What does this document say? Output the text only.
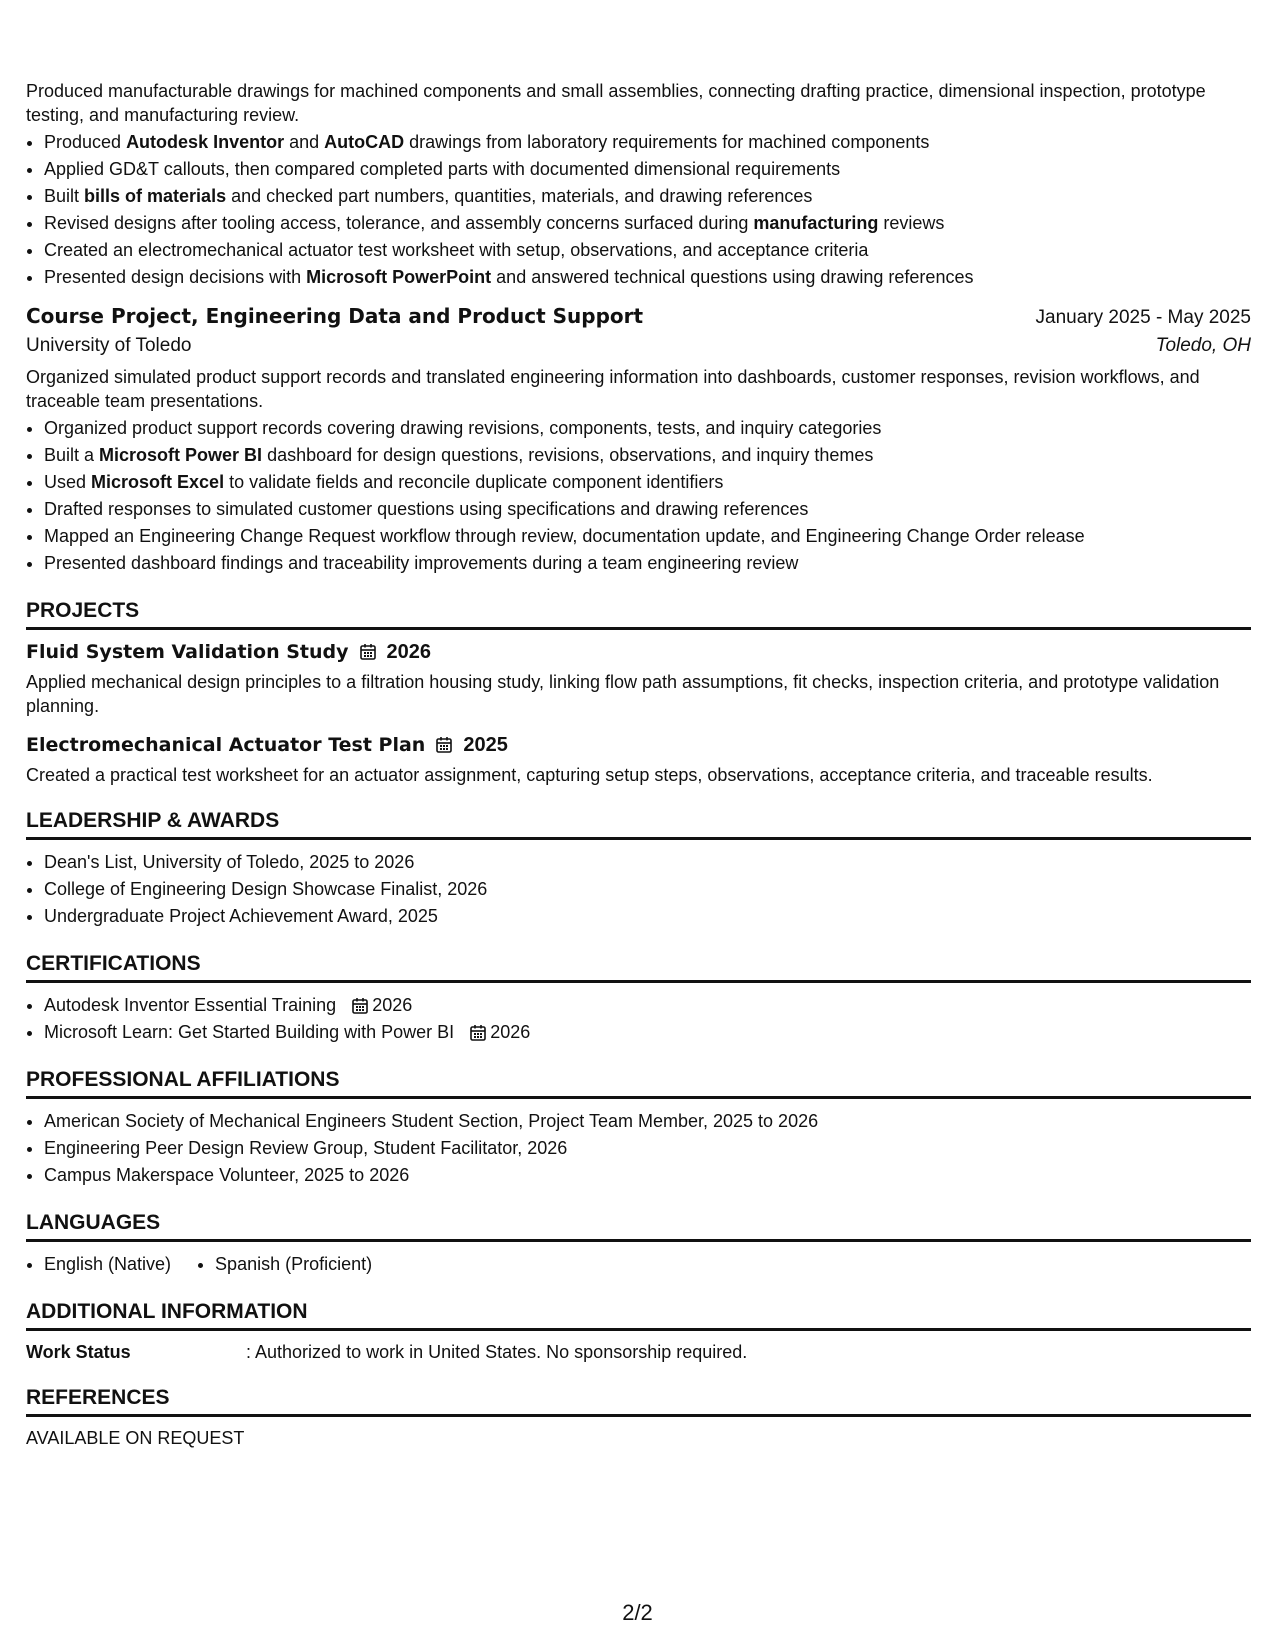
Produced manufacturable drawings for machined components and small assemblies, connecting drafting practice, dimensional inspection, prototype testing, and manufacturing review.

• Produced Autodesk Inventor and AutoCAD drawings from laboratory requirements for machined components
• Applied GD&T callouts, then compared completed parts with documented dimensional requirements
• Built bills of materials and checked part numbers, quantities, materials, and drawing references
• Revised designs after tooling access, tolerance, and assembly concerns surfaced during manufacturing reviews
• Created an electromechanical actuator test worksheet with setup, observations, and acceptance criteria
• Presented design decisions with Microsoft PowerPoint and answered technical questions using drawing references
Course Project, Engineering Data and Product Support	January 2025 - May 2025
University of Toledo	Toledo, OH

Organized simulated product support records and translated engineering information into dashboards, customer responses, revision workflows, and traceable team presentations.

• Organized product support records covering drawing revisions, components, tests, and inquiry categories
• Built a Microsoft Power BI dashboard for design questions, revisions, observations, and inquiry themes
• Used Microsoft Excel to validate fields and reconcile duplicate component identifiers
• Drafted responses to simulated customer questions using specifications and drawing references
• Mapped an Engineering Change Request workflow through review, documentation update, and Engineering Change Order release
• Presented dashboard findings and traceability improvements during a team engineering review
PROJECTS
Fluid System Validation Study 2026

Applied mechanical design principles to a filtration housing study, linking flow path assumptions, fit checks, inspection criteria, and prototype validation planning.

Electromechanical Actuator Test Plan 2025

Created a practical test worksheet for an actuator assignment, capturing setup steps, observations, acceptance criteria, and traceable results.

LEADERSHIP & AWARDS
• Dean's List, University of Toledo, 2025 to 2026
• College of Engineering Design Showcase Finalist, 2026
• Undergraduate Project Achievement Award, 2025
CERTIFICATIONS
• Autodesk Inventor Essential Training 2026
• Microsoft Learn: Get Started Building with Power BI 2026
PROFESSIONAL AFFILIATIONS
• American Society of Mechanical Engineers Student Section, Project Team Member, 2025 to 2026
• Engineering Peer Design Review Group, Student Facilitator, 2026
• Campus Makerspace Volunteer, 2025 to 2026
LANGUAGES
• English (Native)
• Spanish (Proficient)
ADDITIONAL INFORMATION
Work Status	: Authorized to work in United States. No sponsorship required.
REFERENCES

AVAILABLE ON REQUEST

2/2
